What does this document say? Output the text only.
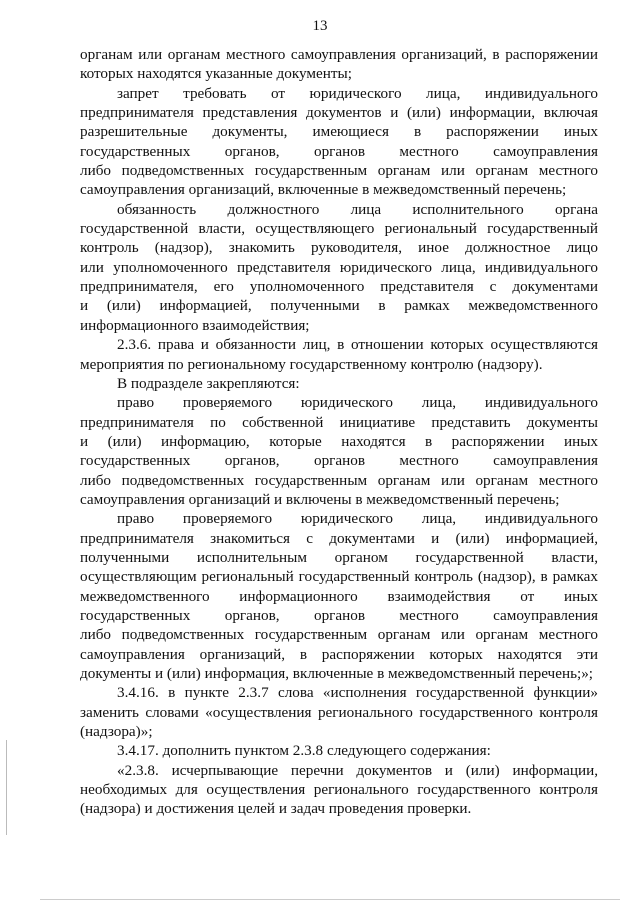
13
органам или органам местного самоуправления организаций, в распоряжении
которых находятся указанные документы;
запрет требовать от юридического лица, индивидуального
предпринимателя представления документов и (или) информации, включая
разрешительные документы, имеющиеся в распоряжении иных
государственных органов, органов местного самоуправления
либо подведомственных государственным органам или органам местного
самоуправления организаций, включенные в межведомственный перечень;
обязанность должностного лица исполнительного органа
государственной власти, осуществляющего региональный государственный
контроль (надзор), знакомить руководителя, иное должностное лицо
или уполномоченного представителя юридического лица, индивидуального
предпринимателя, его уполномоченного представителя с документами
и (или) информацией, полученными в рамках межведомственного
информационного взаимодействия;
2.3.6. права и обязанности лиц, в отношении которых осуществляются
мероприятия по региональному государственному контролю (надзору).
В подразделе закрепляются:
право проверяемого юридического лица, индивидуального
предпринимателя по собственной инициативе представить документы
и (или) информацию, которые находятся в распоряжении иных
государственных органов, органов местного самоуправления
либо подведомственных государственным органам или органам местного
самоуправления организаций и включены в межведомственный перечень;
право проверяемого юридического лица, индивидуального
предпринимателя знакомиться с документами и (или) информацией,
полученными исполнительным органом государственной власти,
осуществляющим региональный государственный контроль (надзор), в рамках
межведомственного информационного взаимодействия от иных
государственных органов, органов местного самоуправления
либо подведомственных государственным органам или органам местного
самоуправления организаций, в распоряжении которых находятся эти
документы и (или) информация, включенные в межведомственный перечень;»;
3.4.16. в пункте 2.3.7 слова «исполнения государственной функции»
заменить словами «осуществления регионального государственного контроля
(надзора)»;
3.4.17. дополнить пунктом 2.3.8 следующего содержания:
«2.3.8. исчерпывающие перечни документов и (или) информации,
необходимых для осуществления регионального государственного контроля
(надзора) и достижения целей и задач проведения проверки.
